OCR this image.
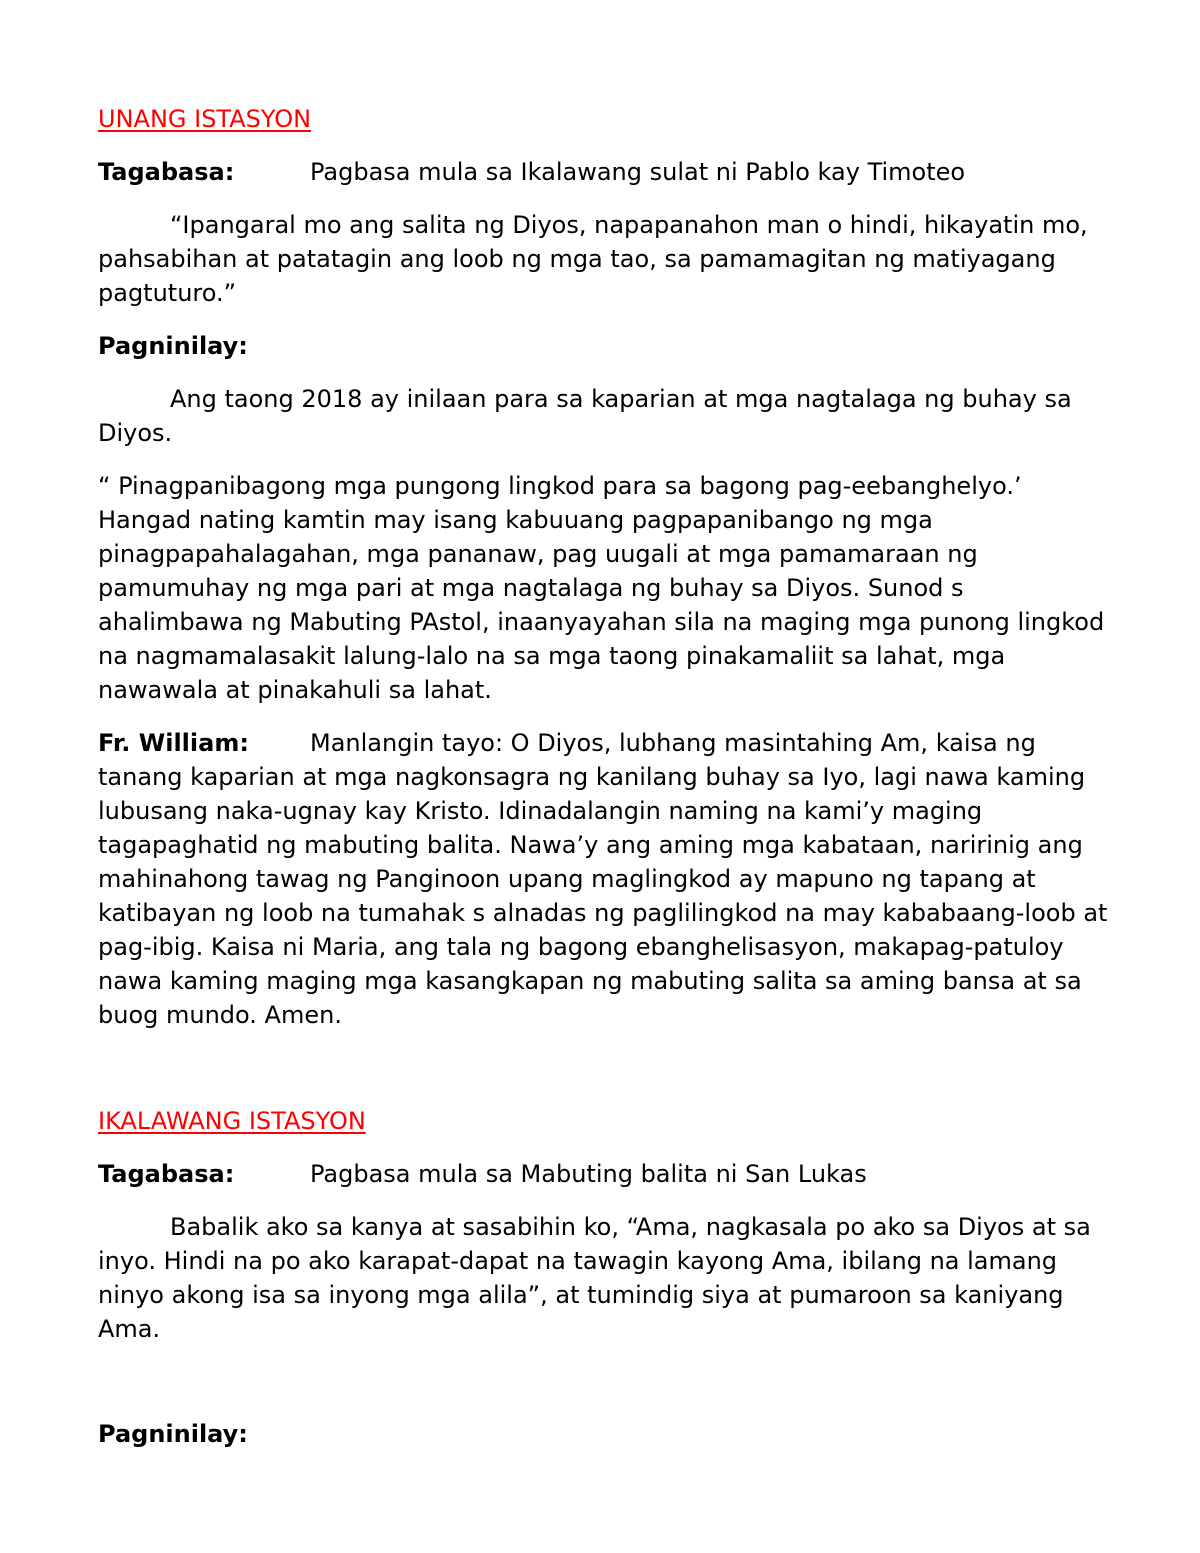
UNANG ISTASYON
Tagabasa:	Pagbasa mula sa Ikalawang sulat ni Pablo kay Timoteo
“Ipangaral mo ang salita ng Diyos, napapanahon man o hindi, hikayatin mo, pahsabihan at patatagin ang loob ng mga tao, sa pamamagitan ng matiyagang pagtuturo.”
Pagninilay:
Ang taong 2018 ay inilaan para sa kaparian at mga nagtalaga ng buhay sa Diyos.
“ Pinagpanibagong mga pungong lingkod para sa bagong pag-eebanghelyo.’ Hangad nating kamtin may isang kabuuang pagpapanibango ng mga pinagpapahalagahan, mga pananaw, pag uugali at mga pamamaraan ng pamumuhay ng mga pari at mga nagtalaga ng buhay sa Diyos. Sunod s ahalimbawa ng Mabuting PAstol, inaanyayahan sila na maging mga punong lingkod na nagmamalasakit lalung-lalo na sa mga taong pinakamaliit sa lahat, mga nawawala at pinakahuli sa lahat.
Fr. William:	Manlangin tayo: O Diyos, lubhang masintahing Am, kaisa ng tanang kaparian at mga nagkonsagra ng kanilang buhay sa Iyo, lagi nawa kaming lubusang naka-ugnay kay Kristo. Idinadalangin naming na kami’y maging tagapaghatid ng mabuting balita. Nawa’y ang aming mga kabataan, naririnig ang mahinahong tawag ng Panginoon upang maglingkod ay mapuno ng tapang at katibayan ng loob na tumahak s alnadas ng paglilingkod na may kababaang-loob at pag-ibig. Kaisa ni Maria, ang tala ng bagong ebanghelisasyon, makapag-patuloy nawa kaming maging mga kasangkapan ng mabuting salita sa aming bansa at sa buog mundo. Amen.
IKALAWANG ISTASYON
Tagabasa:	Pagbasa mula sa Mabuting balita ni San Lukas
Babalik ako sa kanya at sasabihin ko, “Ama, nagkasala po ako sa Diyos at sa inyo. Hindi na po ako karapat-dapat na tawagin kayong Ama, ibilang na lamang ninyo akong isa sa inyong mga alila”, at tumindig siya at pumaroon sa kaniyang Ama.
Pagninilay:
